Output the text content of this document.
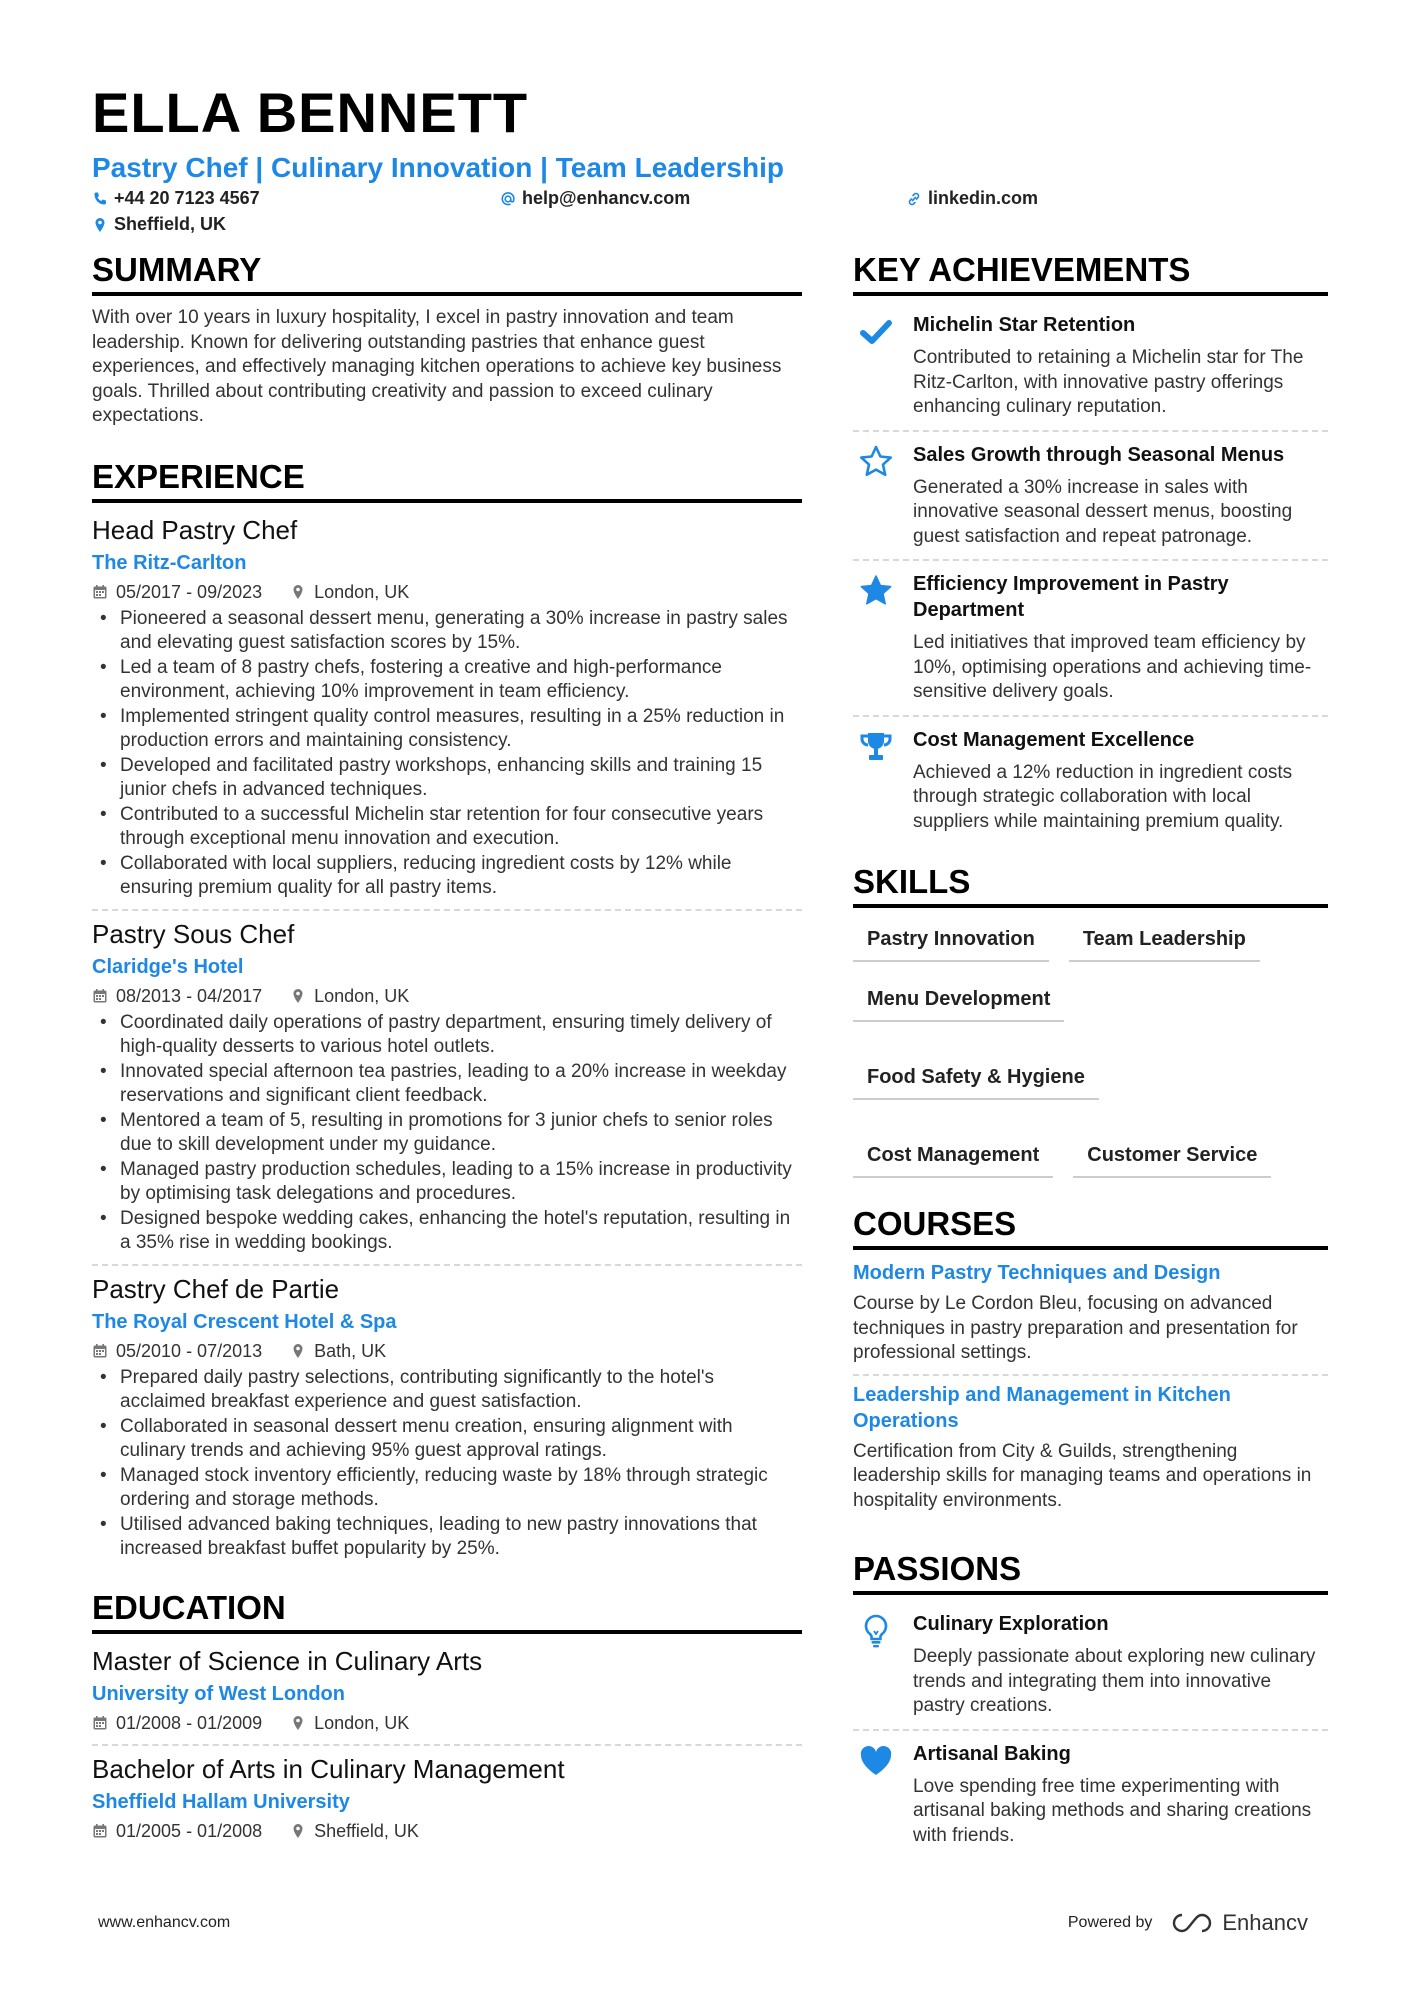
ELLA BENNETT
Pastry Chef | Culinary Innovation | Team Leadership
+44 20 7123 4567	help@enhancv.com	linkedin.com
Sheffield, UK
SUMMARY
With over 10 years in luxury hospitality, I excel in pastry innovation and team leadership. Known for delivering outstanding pastries that enhance guest experiences, and effectively managing kitchen operations to achieve key business goals. Thrilled about contributing creativity and passion to exceed culinary expectations.
EXPERIENCE
Head Pastry Chef
The Ritz-Carlton
05/2017 - 09/2023	London, UK
• Pioneered a seasonal dessert menu, generating a 30% increase in pastry sales and elevating guest satisfaction scores by 15%.
• Led a team of 8 pastry chefs, fostering a creative and high-performance environment, achieving 10% improvement in team efficiency.
• Implemented stringent quality control measures, resulting in a 25% reduction in production errors and maintaining consistency.
• Developed and facilitated pastry workshops, enhancing skills and training 15 junior chefs in advanced techniques.
• Contributed to a successful Michelin star retention for four consecutive years through exceptional menu innovation and execution.
• Collaborated with local suppliers, reducing ingredient costs by 12% while ensuring premium quality for all pastry items.
Pastry Sous Chef
Claridge's Hotel
08/2013 - 04/2017	London, UK
• Coordinated daily operations of pastry department, ensuring timely delivery of high-quality desserts to various hotel outlets.
• Innovated special afternoon tea pastries, leading to a 20% increase in weekday reservations and significant client feedback.
• Mentored a team of 5, resulting in promotions for 3 junior chefs to senior roles due to skill development under my guidance.
• Managed pastry production schedules, leading to a 15% increase in productivity by optimising task delegations and procedures.
• Designed bespoke wedding cakes, enhancing the hotel's reputation, resulting in a 35% rise in wedding bookings.
Pastry Chef de Partie
The Royal Crescent Hotel & Spa
05/2010 - 07/2013	Bath, UK
• Prepared daily pastry selections, contributing significantly to the hotel's acclaimed breakfast experience and guest satisfaction.
• Collaborated in seasonal dessert menu creation, ensuring alignment with culinary trends and achieving 95% guest approval ratings.
• Managed stock inventory efficiently, reducing waste by 18% through strategic ordering and storage methods.
• Utilised advanced baking techniques, leading to new pastry innovations that increased breakfast buffet popularity by 25%.
EDUCATION
Master of Science in Culinary Arts
University of West London
01/2008 - 01/2009	London, UK
Bachelor of Arts in Culinary Management
Sheffield Hallam University
01/2005 - 01/2008	Sheffield, UK
KEY ACHIEVEMENTS
Michelin Star Retention
Contributed to retaining a Michelin star for The Ritz-Carlton, with innovative pastry offerings enhancing culinary reputation.
Sales Growth through Seasonal Menus
Generated a 30% increase in sales with innovative seasonal dessert menus, boosting guest satisfaction and repeat patronage.
Efficiency Improvement in Pastry Department
Led initiatives that improved team efficiency by 10%, optimising operations and achieving time-sensitive delivery goals.
Cost Management Excellence
Achieved a 12% reduction in ingredient costs through strategic collaboration with local suppliers while maintaining premium quality.
SKILLS
Pastry Innovation	Team Leadership
Menu Development
Food Safety & Hygiene
Cost Management	Customer Service
COURSES
Modern Pastry Techniques and Design
Course by Le Cordon Bleu, focusing on advanced techniques in pastry preparation and presentation for professional settings.
Leadership and Management in Kitchen Operations
Certification from City & Guilds, strengthening leadership skills for managing teams and operations in hospitality environments.
PASSIONS
Culinary Exploration
Deeply passionate about exploring new culinary trends and integrating them into innovative pastry creations.
Artisanal Baking
Love spending free time experimenting with artisanal baking methods and sharing creations with friends.
www.enhancv.com	Powered by	Enhancv
